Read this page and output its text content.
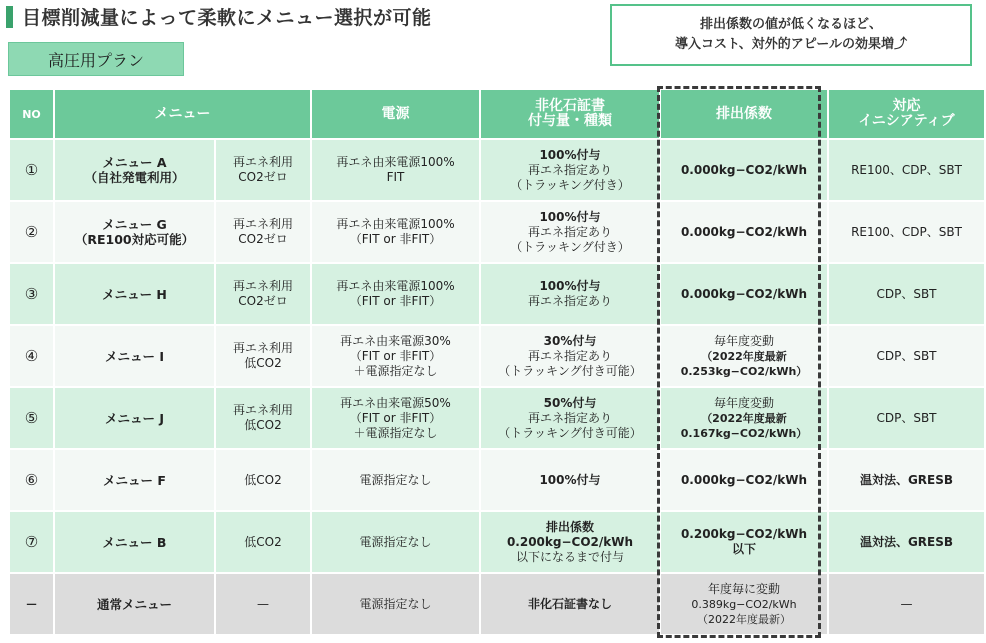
目標削減量によって柔軟にメニュー選択が可能
高圧用プラン
排出係数の値が低くなるほど、
導入コスト、対外的アピールの効果増⤴
NO	メニュー		電源	非化石証書
付与量・種類	排出係数	対応
イニシアティブ

①	メニュー A
（自社発電利用）	再エネ利用
CO2ゼロ	再エネ由来電源100%
FIT	100%付与
再エネ指定あり
（トラッキング付き）	0.000kg−CO2/kWh	RE100、CDP、SBT
②	メニュー G
（RE100対応可能）	再エネ利用
CO2ゼロ	再エネ由来電源100%
（FIT or 非FIT）	100%付与
再エネ指定あり
（トラッキング付き）	0.000kg−CO2/kWh	RE100、CDP、SBT
③	メニュー H	再エネ利用
CO2ゼロ	再エネ由来電源100%
（FIT or 非FIT）	100%付与
再エネ指定あり	0.000kg−CO2/kWh	CDP、SBT
④	メニュー I	再エネ利用
低CO2	再エネ由来電源30%
（FIT or 非FIT）
＋電源指定なし	30%付与
再エネ指定あり
（トラッキング付き可能）	毎年度変動
（2022年度最新
0.253kg−CO2/kWh）	CDP、SBT
⑤	メニュー J	再エネ利用
低CO2	再エネ由来電源50%
（FIT or 非FIT）
＋電源指定なし	50%付与
再エネ指定あり
（トラッキング付き可能）	毎年度変動
（2022年度最新
0.167kg−CO2/kWh）	CDP、SBT
⑥	メニュー F	低CO2	電源指定なし	100%付与	0.000kg−CO2/kWh	温対法、GRESB
⑦	メニュー B	低CO2	電源指定なし	排出係数
0.200kg−CO2/kWh
以下になるまで付与	0.200kg−CO2/kWh
以下	温対法、GRESB
−	通常メニュー	—	電源指定なし	非化石証書なし	年度毎に変動
0.389kg−CO2/kWh
（2022年度最新）	—
